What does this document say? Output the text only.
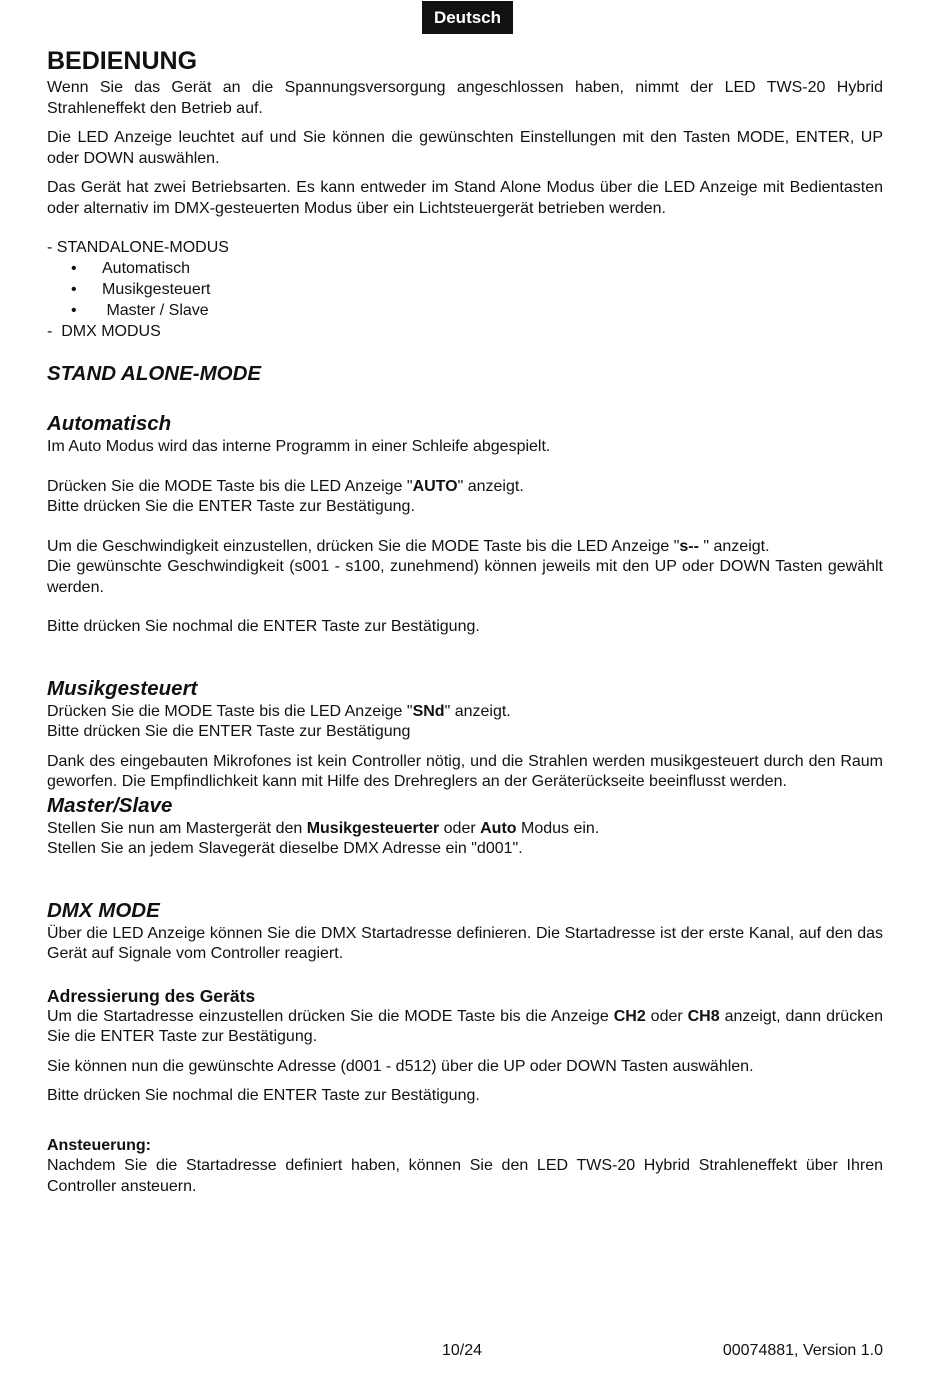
Deutsch
BEDIENUNG

Wenn Sie das Gerät an die Spannungsversorgung angeschlossen haben, nimmt der LED TWS-20 Hybrid Strahleneffekt den Betrieb auf.

Die LED Anzeige leuchtet auf und Sie können die gewünschten Einstellungen mit den Tasten MODE, ENTER, UP oder DOWN auswählen.

Das Gerät hat zwei Betriebsarten. Es kann entweder im Stand Alone Modus über die LED Anzeige mit Bedientasten oder alternativ im DMX-gesteuerten Modus über ein Lichtsteuergerät betrieben werden.

- STANDALONE-MODUS
• Automatisch
• Musikgesteuert
•  Master / Slave
-  DMX MODUS
STAND ALONE-MODE
Automatisch

Im Auto Modus wird das interne Programm in einer Schleife abgespielt.

Drücken Sie die MODE Taste bis die LED Anzeige "AUTO" anzeigt.
Bitte drücken Sie die ENTER Taste zur Bestätigung.

Um die Geschwindigkeit einzustellen, drücken Sie die MODE Taste bis die LED Anzeige "s-- " anzeigt.
Die gewünschte Geschwindigkeit (s001 - s100, zunehmend) können jeweils mit den UP oder DOWN Tasten gewählt werden.

Bitte drücken Sie nochmal die ENTER Taste zur Bestätigung.

Musikgesteuert

Drücken Sie die MODE Taste bis die LED Anzeige "SNd" anzeigt.
Bitte drücken Sie die ENTER Taste zur Bestätigung

Dank des eingebauten Mikrofones ist kein Controller nötig, und die Strahlen werden musikgesteuert durch den Raum geworfen. Die Empfindlichkeit kann mit Hilfe des Drehreglers an der Geräterückseite beeinflusst werden.

Master/Slave

Stellen Sie nun am Mastergerät den Musikgesteuerter oder Auto Modus ein.
Stellen Sie an jedem Slavegerät dieselbe DMX Adresse ein "d001".

DMX MODE

Über die LED Anzeige können Sie die DMX Startadresse definieren. Die Startadresse ist der erste Kanal, auf den das Gerät auf Signale vom Controller reagiert.

Adressierung des Geräts

Um die Startadresse einzustellen drücken Sie die MODE Taste bis die Anzeige CH2 oder CH8 anzeigt, dann drücken Sie die ENTER Taste zur Bestätigung.

Sie können nun die gewünschte Adresse (d001 - d512) über die UP oder DOWN Tasten auswählen.

Bitte drücken Sie nochmal die ENTER Taste zur Bestätigung.

Ansteuerung:

Nachdem Sie die Startadresse definiert haben, können Sie den LED TWS-20 Hybrid Strahleneffekt über Ihren Controller ansteuern.

10/24	00074881, Version 1.0
